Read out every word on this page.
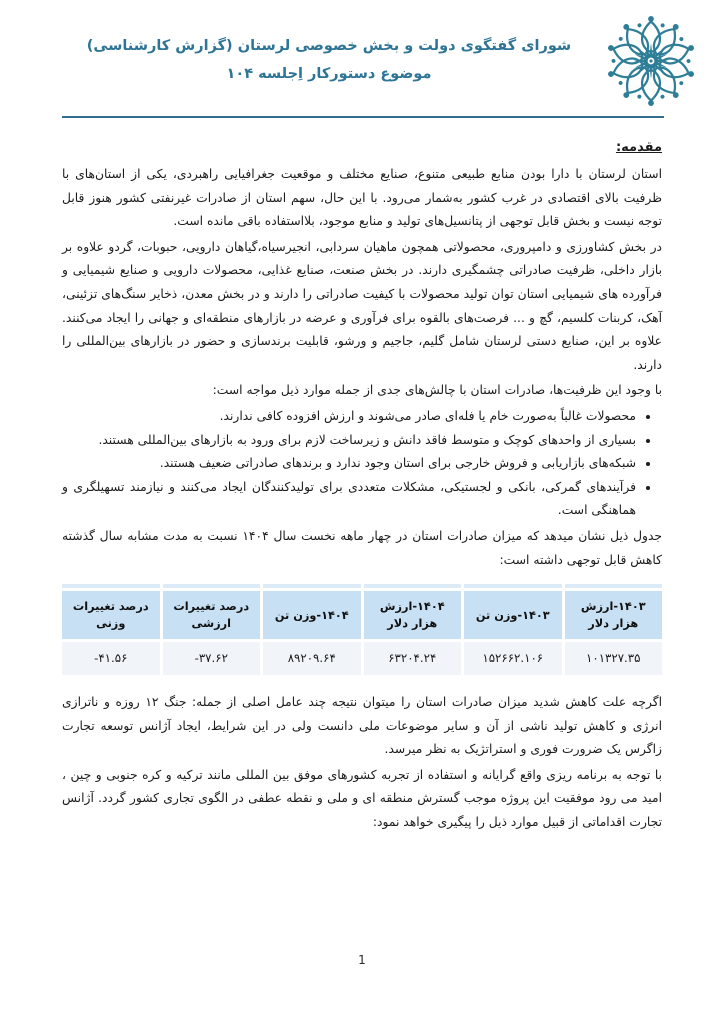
شورای گفتگوی دولت و بخش خصوصی لرستان (گزارش کارشناسی)
موضوع دستورکار اِجلسه ۱۰۴
مقدمه:

استان لرستان با دارا بودن منابع طبیعی متنوع، صنایع مختلف و موقعیت جغرافیایی راهبردی، یکی از استان‌های با ظرفیت بالای اقتصادی در غرب کشور به‌شمار می‌رود. با این حال، سهم استان از صادرات غیرنفتی کشور هنوز قابل توجه نیست و بخش قابل توجهی از پتانسیل‌های تولید و منابع موجود، بلااستفاده باقی مانده است.

در بخش کشاورزی و دامپروری، محصولاتی همچون ماهیان سردابی، انجیرسیاه،گیاهان دارویی، حبوبات، گردو علاوه بر بازار داخلی، ظرفیت صادراتی چشمگیری دارند. در بخش صنعت، صنایع غذایی، محصولات دارویی و صنایع شیمیایی و فرآورده های شیمیایی استان توان تولید محصولات با کیفیت صادراتی را دارند و در بخش معدن، ذخایر سنگ‌های تزئینی، آهک، کربنات کلسیم، گچ و ... فرصت‌های بالقوه برای فرآوری و عرضه در بازارهای منطقه‌ای و جهانی را ایجاد می‌کنند. علاوه بر این، صنایع دستی لرستان شامل گلیم، جاجیم و ورشو، قابلیت برندسازی و حضور در بازارهای بین‌المللی را دارند.

با وجود این ظرفیت‌ها، صادرات استان با چالش‌های جدی از جمله موارد ذیل مواجه است:

• محصولات غالباً به‌صورت خام یا فله‌ای صادر می‌شوند و ارزش افزوده کافی ندارند.
• بسیاری از واحدهای کوچک و متوسط فاقد دانش و زیرساخت لازم برای ورود به بازارهای بین‌المللی هستند.
• شبکه‌های بازاریابی و فروش خارجی برای استان وجود ندارد و برندهای صادراتی ضعیف هستند.
• فرآیندهای گمرکی، بانکی و لجستیکی، مشکلات متعددی برای تولیدکنندگان ایجاد می‌کنند و نیازمند تسهیلگری و هماهنگی است.

جدول ذیل نشان میدهد که میزان صادرات استان در چهار ماهه نخست سال ۱۴۰۴ نسبت به مدت مشابه سال گذشته کاهش قابل توجهی داشته است:

۱۴۰۳-ارزش هزار دلار
۱۴۰۳-وزن تن
۱۴۰۴-ارزش هزار دلار
۱۴۰۴-وزن تن
درصد تغییرات ارزشی
درصد تغییرات وزنی
۱۰۱۳۲۷.۳۵
۱۵۲۶۶۲.۱۰۶
۶۳۲۰۴.۲۴
۸۹۲۰۹.۶۴
-۳۷.۶۲
-۴۱.۵۶

اگرچه علت کاهش شدید میزان صادرات استان را میتوان نتیجه چند عامل اصلی از جمله: جنگ ۱۲ روزه و ناترازی انرژی و کاهش تولید ناشی از آن و سایر موضوعات ملی دانست ولی در این شرایط، ایجاد آژانس توسعه تجارت زاگرس یک ضرورت فوری و استراتژیک به نظر میرسد.

با توجه به برنامه ریزی واقع گرایانه و استفاده از تجربه کشورهای موفق بین المللی مانند ترکیه و کره جنوبی و چین ، امید می رود موفقیت این پروژه موجب گسترش منطقه ای و ملی و نقطه عطفی در الگوی تجاری کشور گردد. آژانس تجارت اقداماتی از قبیل موارد ذیل را پیگیری خواهد نمود:

1
